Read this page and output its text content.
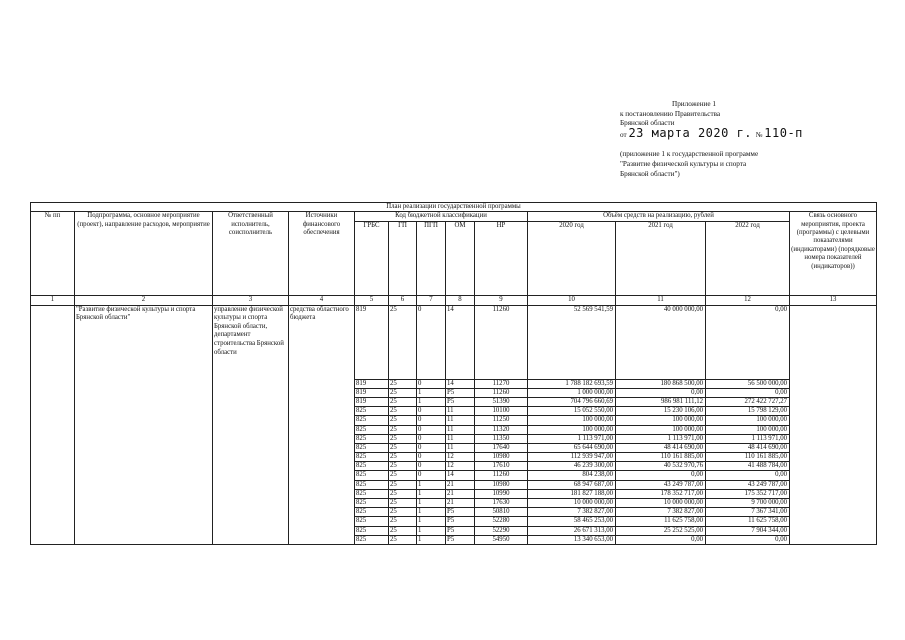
Приложение 1
к постановлению Правительства
Брянской области
от 23 марта 2020 г. № 110-п
(приложение 1 к государственной программе
"Развитие физической культуры и спорта
Брянской области")
План реализации государственной программы												
№ пп	Подпрограмма, основное мероприятие (проект), направление расходов, мероприятие	Ответственный исполнитель, соисполнитель	Источники финансового обеспечения	Код бюджетной классификации					Объём средств на реализацию, рублей			Связь основного мероприятия, проекта (программы) с целевыми показателями (индикаторами) (порядковые номера показателей (индикаторов))
				ГРБС	ГП	ПГП	ОМ	НР	2020 год	2021 год	2022 год	
1	2	3	4	5	6	7	8	9	10	11	12	13
	"Развитие физической культуры и спорта Брянской области"	управление физической культуры и спорта Брянской области, департамент строительства Брянской области	средства областного бюджета	819	25	0	14	11260	52 569 541,59	40 000 000,00	0,00	
				819	25	0	14	11270	1 788 182 693,59	180 868 500,00	56 500 000,00	
				819	25	1	Р5	11260	1 000 000,00	0,00	0,00	
				819	25	1	Р5	51390	704 796 660,69	986 981 111,12	272 422 727,27	
				825	25	0	11	10100	15 052 550,00	15 230 106,00	15 798 129,00	
				825	25	0	11	11250	100 000,00	100 000,00	100 000,00	
				825	25	0	11	11320	100 000,00	100 000,00	100 000,00	
				825	25	0	11	11350	1 113 971,00	1 113 971,00	1 113 971,00	
				825	25	0	11	17640	65 644 690,00	48 414 690,00	48 414 690,00	
				825	25	0	12	10980	112 939 947,00	110 161 885,00	110 161 885,00	
				825	25	0	12	17610	46 239 300,00	40 532 970,76	41 488 784,00	
				825	25	0	14	11260	804 238,00	0,00	0,00	
				825	25	1	21	10980	68 947 687,00	43 249 787,00	43 249 787,00	
				825	25	1	21	10990	181 827 188,00	178 352 717,00	175 352 717,00	
				825	25	1	21	17630	10 000 000,00	10 000 000,00	9 700 000,00	
				825	25	1	Р5	50810	7 382 827,00	7 382 827,00	7 367 341,00	
				825	25	1	Р5	52280	58 465 253,00	11 625 758,00	11 625 758,00	
				825	25	1	Р5	52290	26 671 313,00	25 252 525,00	7 904 344,00	
				825	25	1	Р5	54950	13 340 653,00	0,00	0,00	
